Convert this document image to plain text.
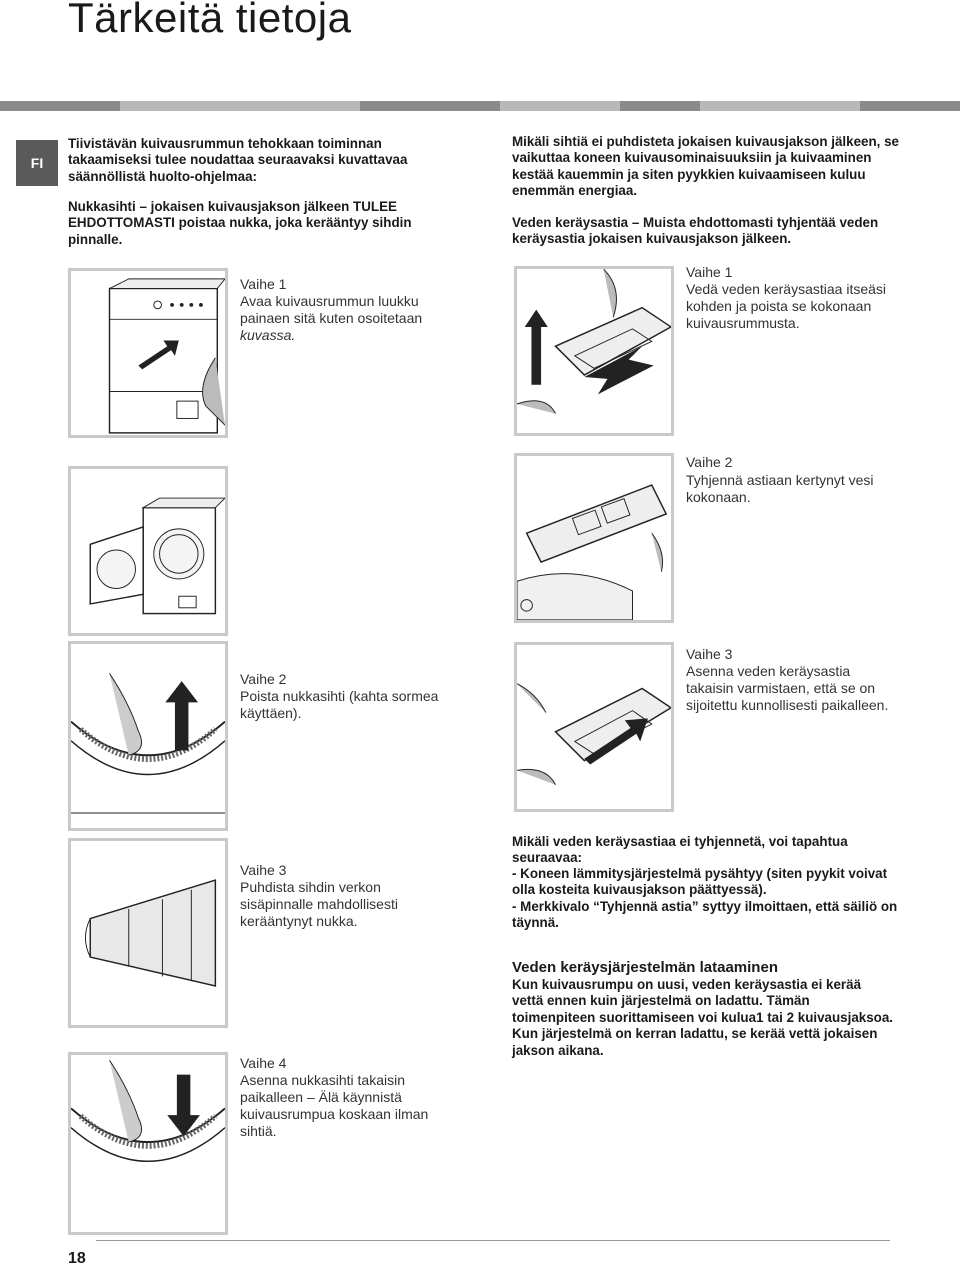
Tärkeitä tietoja
FI
Tiivistävän kuivausrummun tehokkaan toiminnan takaamiseksi tulee noudattaa seuraavaksi kuvattavaa säännöllistä huolto-ohjelmaa:
Nukkasihti – jokaisen kuivausjakson jälkeen TULEE EHDOTTOMASTI poistaa nukka, joka kerääntyy sihdin pinnalle.
Vaihe 1
Avaa kuivausrummun luukku painaen sitä kuten osoitetaan kuvassa.
Vaihe 2
Poista nukkasihti (kahta sormea käyttäen).
Vaihe 3
Puhdista sihdin verkon sisäpinnalle mahdollisesti kerääntynyt nukka.
Vaihe 4
Asenna nukkasihti takaisin paikalleen – Älä käynnistä kuivausrumpua koskaan ilman sihtiä.
Mikäli sihtiä ei puhdisteta jokaisen kuivausjakson jälkeen, se vaikuttaa koneen kuivausominaisuuksiin ja kuivaaminen kestää kauemmin ja siten pyykkien kuivaamiseen kuluu enemmän energiaa.
Veden keräysastia – Muista ehdottomasti tyhjentää veden keräysastia jokaisen kuivausjakson jälkeen.
Vaihe 1
Vedä veden keräysastiaa itseäsi kohden ja poista se kokonaan kuivausrummusta.
Vaihe 2
Tyhjennä astiaan kertynyt vesi kokonaan.
Vaihe 3
Asenna veden keräysastia takaisin varmistaen, että se on sijoitettu kunnollisesti paikalleen.
Mikäli veden keräysastiaa ei tyhjennetä, voi tapahtua seuraavaa:
- Koneen lämmitysjärjestelmä pysähtyy (siten pyykit voivat olla kosteita kuivausjakson päättyessä).
- Merkkivalo “Tyhjennä astia” syttyy ilmoittaen, että säiliö on täynnä.
Veden keräysjärjestelmän lataaminen
Kun kuivausrumpu on uusi, veden keräysastia ei kerää vettä ennen kuin järjestelmä on ladattu. Tämän toimenpiteen suorittamiseen voi kulua1 tai 2 kuivausjaksoa. Kun järjestelmä on kerran ladattu, se kerää vettä jokaisen jakson aikana.
18
